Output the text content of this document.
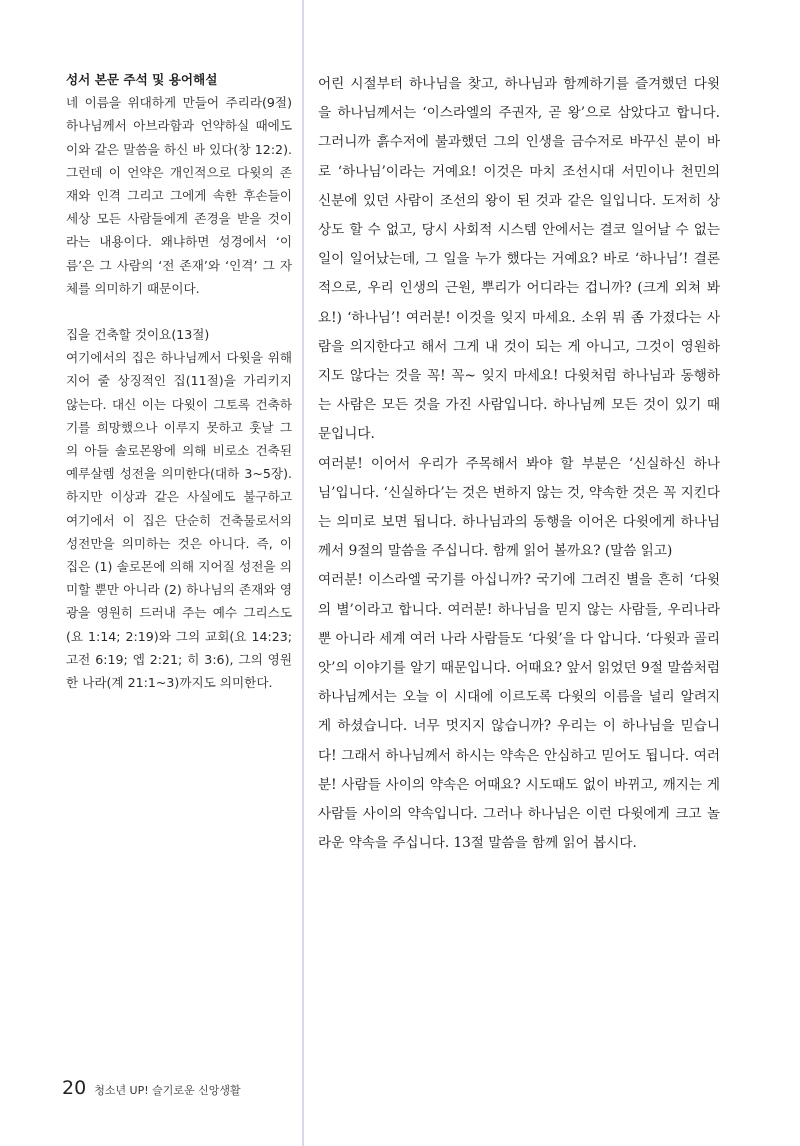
성서 본문 주석 및 용어해설

네 이름을 위대하게 만들어 주리라(9절) 하나님께서 아브라함과 언약하실 때에도 이와 같은 말씀을 하신 바 있다(창 12:2). 그런데 이 언약은 개인적으로 다윗의 존재와 인격 그리고 그에게 속한 후손들이 세상 모든 사람들에게 존경을 받을 것이라는 내용이다. 왜냐하면 성경에서 ‘이름’은 그 사람의 ‘전 존재’와 ‘인격’ 그 자체를 의미하기 때문이다.

집을 건축할 것이요(13절)

여기에서의 집은 하나님께서 다윗을 위해 지어 줄 상징적인 집(11절)을 가리키지 않는다. 대신 이는 다윗이 그토록 건축하기를 희망했으나 이루지 못하고 훗날 그의 아들 솔로몬왕에 의해 비로소 건축된 예루살렘 성전을 의미한다(대하 3~5장). 하지만 이상과 같은 사실에도 불구하고 여기에서 이 집은 단순히 건축물로서의 성전만을 의미하는 것은 아니다. 즉, 이 집은 (1) 솔로몬에 의해 지어질 성전을 의미할 뿐만 아니라 (2) 하나님의 존재와 영광을 영원히 드러내 주는 예수 그리스도(요 1:14; 2:19)와 그의 교회(요 14:23; 고전 6:19; 엡 2:21; 히 3:6), 그의 영원한 나라(계 21:1~3)까지도 의미한다.

어린 시절부터 하나님을 찾고, 하나님과 함께하기를 즐겨했던 다윗을 하나님께서는 ‘이스라엘의 주권자, 곧 왕’으로 삼았다고 합니다. 그러니까 흙수저에 불과했던 그의 인생을 금수저로 바꾸신 분이 바로 ‘하나님’이라는 거예요! 이것은 마치 조선시대 서민이나 천민의 신분에 있던 사람이 조선의 왕이 된 것과 같은 일입니다. 도저히 상상도 할 수 없고, 당시 사회적 시스템 안에서는 결코 일어날 수 없는 일이 일어났는데, 그 일을 누가 했다는 거예요? 바로 ‘하나님’! 결론적으로, 우리 인생의 근원, 뿌리가 어디라는 겁니까? (크게 외쳐 봐요!) ‘하나님’! 여러분! 이것을 잊지 마세요. 소위 뭐 좀 가졌다는 사람을 의지한다고 해서 그게 내 것이 되는 게 아니고, 그것이 영원하지도 않다는 것을 꼭! 꼭~ 잊지 마세요! 다윗처럼 하나님과 동행하는 사람은 모든 것을 가진 사람입니다. 하나님께 모든 것이 있기 때문입니다.

여러분! 이어서 우리가 주목해서 봐야 할 부분은 ‘신실하신 하나님’입니다. ‘신실하다’는 것은 변하지 않는 것, 약속한 것은 꼭 지킨다는 의미로 보면 됩니다. 하나님과의 동행을 이어온 다윗에게 하나님께서 9절의 말씀을 주십니다. 함께 읽어 볼까요? (말씀 읽고)

여러분! 이스라엘 국기를 아십니까? 국기에 그려진 별을 흔히 ‘다윗의 별’이라고 합니다. 여러분! 하나님을 믿지 않는 사람들, 우리나라뿐 아니라 세계 여러 나라 사람들도 ‘다윗’을 다 압니다. ‘다윗과 골리앗’의 이야기를 알기 때문입니다. 어때요? 앞서 읽었던 9절 말씀처럼 하나님께서는 오늘 이 시대에 이르도록 다윗의 이름을 널리 알려지게 하셨습니다. 너무 멋지지 않습니까? 우리는 이 하나님을 믿습니다! 그래서 하나님께서 하시는 약속은 안심하고 믿어도 됩니다. 여러분! 사람들 사이의 약속은 어때요? 시도때도 없이 바뀌고, 깨지는 게 사람들 사이의 약속입니다. 그러나 하나님은 이런 다윗에게 크고 놀라운 약속을 주십니다. 13절 말씀을 함께 읽어 봅시다.

20 청소년 UP! 슬기로운 신앙생활
